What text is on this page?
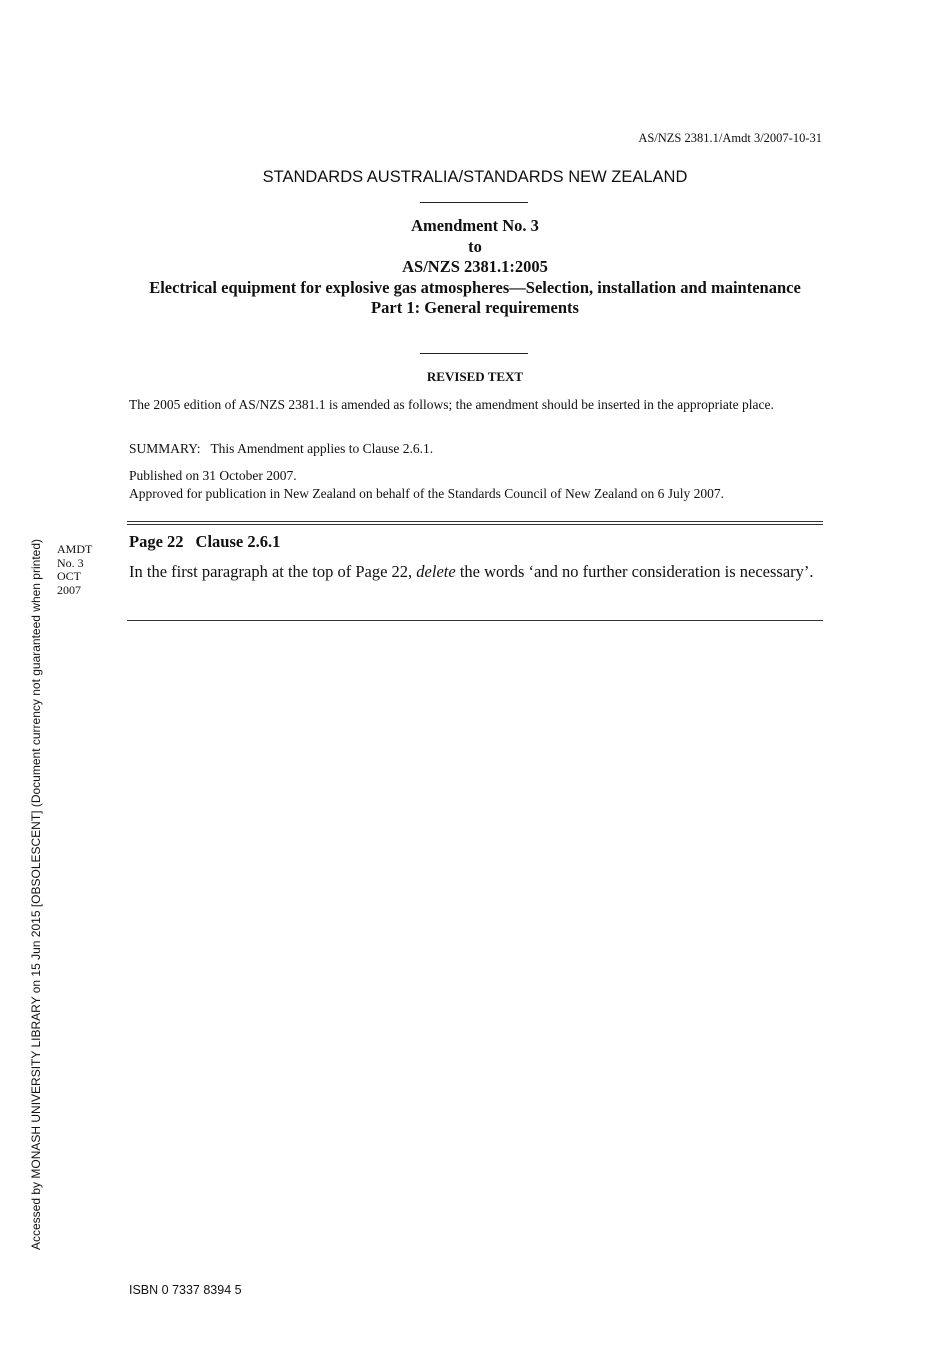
AS/NZS 2381.1/Amdt 3/2007-10-31
STANDARDS AUSTRALIA/STANDARDS NEW ZEALAND
Amendment No. 3
to
AS/NZS 2381.1:2005
Electrical equipment for explosive gas atmospheres—Selection, installation and maintenance
Part 1: General requirements
REVISED TEXT
The 2005 edition of AS/NZS 2381.1 is amended as follows; the amendment should be inserted in the appropriate place.
SUMMARY: This Amendment applies to Clause 2.6.1.
Published on 31 October 2007.
Approved for publication in New Zealand on behalf of the Standards Council of New Zealand on 6 July 2007.
AMDT
No. 3
OCT
2007
Page 22 Clause 2.6.1
In the first paragraph at the top of Page 22, delete the words ‘and no further consideration is necessary’.
Accessed by MONASH UNIVERSITY LIBRARY on 15 Jun 2015 [OBSOLESCENT] (Document currency not guaranteed when printed)
ISBN 0 7337 8394 5
